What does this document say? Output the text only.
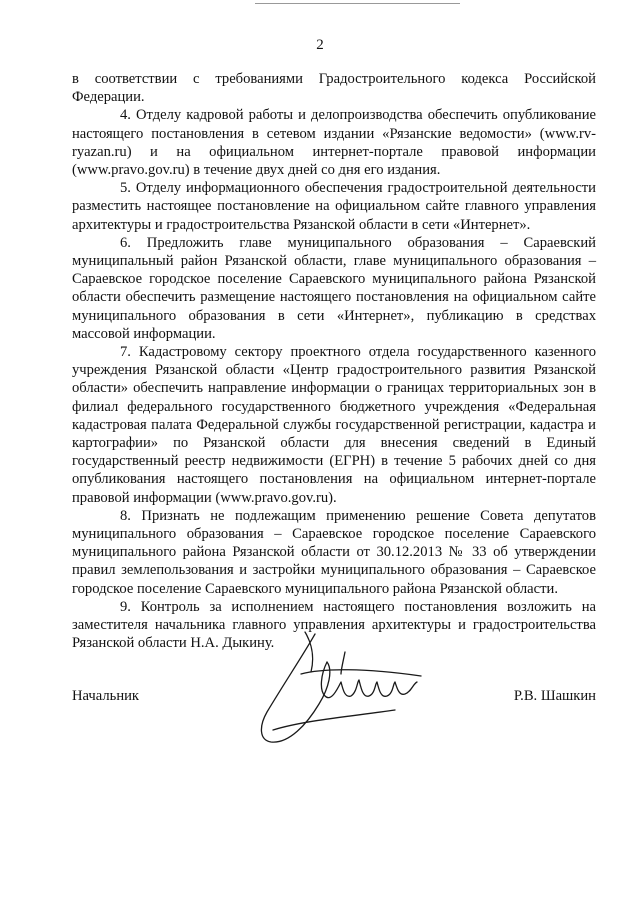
2

в соответствии с требованиями Градостроительного кодекса Российской Федерации.

4. Отделу кадровой работы и делопроизводства обеспечить опубликование настоящего постановления в сетевом издании «Рязанские ведомости» (www.rv-ryazan.ru) и на официальном интернет-портале правовой информации (www.pravo.gov.ru) в течение двух дней со дня его издания.

5. Отделу информационного обеспечения градостроительной деятельности разместить настоящее постановление на официальном сайте главного управления архитектуры и градостроительства Рязанской области в сети «Интернет».

6. Предложить главе муниципального образования – Сараевский муниципальный район Рязанской области, главе муниципального образования – Сараевское городское поселение Сараевского муниципального района Рязанской области обеспечить размещение настоящего постановления на официальном сайте муниципального образования в сети «Интернет», публикацию в средствах массовой информации.

7. Кадастровому сектору проектного отдела государственного казенного учреждения Рязанской области «Центр градостроительного развития Рязанской области» обеспечить направление информации о границах территориальных зон в филиал федерального государственного бюджетного учреждения «Федеральная кадастровая палата Федеральной службы государственной регистрации, кадастра и картографии» по Рязанской области для внесения сведений в Единый государственный реестр недвижимости (ЕГРН) в течение 5 рабочих дней со дня опубликования настоящего постановления на официальном интернет-портале правовой информации (www.pravo.gov.ru).

8. Признать не подлежащим применению решение Совета депутатов муниципального образования – Сараевское городское поселение Сараевского муниципального района Рязанской области от 30.12.2013 № 33 об утверждении правил землепользования и застройки муниципального образования – Сараевское городское поселение Сараевского муниципального района Рязанской области.

9. Контроль за исполнением настоящего постановления возложить на заместителя начальника главного управления архитектуры и градостроительства Рязанской области Н.А. Дыкину.

Начальник	Р.В. Шашкин
